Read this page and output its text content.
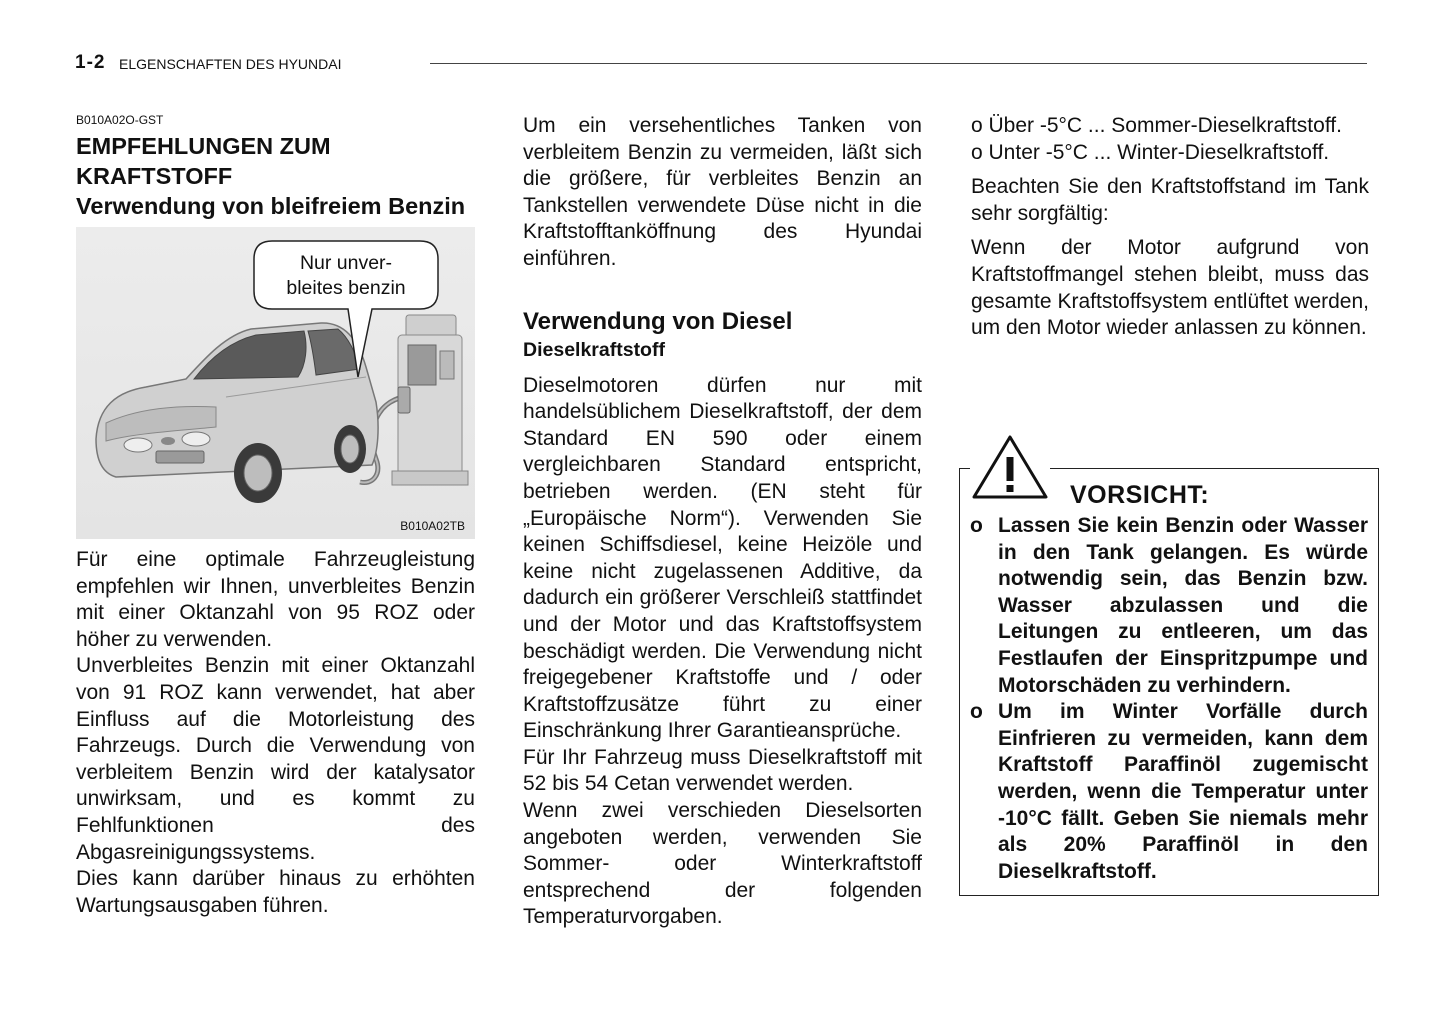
1-2 ELGENSCHAFTEN DES HYUNDAI
B010A02O-GST
EMPFEHLUNGEN ZUM
KRAFTSTOFF
Verwendung von bleifreiem Benzin
Nur unver-
bleites benzin
B010A02TB

Für eine optimale Fahrzeugleistung empfehlen wir Ihnen, unverbleites Benzin mit einer Oktanzahl von 95 ROZ oder höher zu verwenden.

Unverbleites Benzin mit einer Oktanzahl von 91 ROZ kann verwendet, hat aber Einfluss auf die Motorleistung des Fahrzeugs. Durch die Verwendung von verbleitem Benzin wird der katalysator unwirksam, und es kommt zu Fehlfunktionen des Abgasreinigungssystems.

Dies kann darüber hinaus zu erhöhten Wartungsausgaben führen.

Um ein versehentliches Tanken von verbleitem Benzin zu vermeiden, läßt sich die größere, für verbleites Benzin an Tankstellen verwendete Düse nicht in die Kraftstofftanköffnung des Hyundai einführen.

Verwendung von Diesel
Dieselkraftstoff

Dieselmotoren dürfen nur mit handelsüblichem Dieselkraftstoff, der dem Standard EN 590 oder einem vergleichbaren Standard entspricht, betrieben werden. (EN steht für „Europäische Norm“). Verwenden Sie keinen Schiffsdiesel, keine Heizöle und keine nicht zugelassenen Additive, da dadurch ein größerer Verschleiß stattfindet und der Motor und das Kraftstoffsystem beschädigt werden. Die Verwendung nicht freigegebener Kraftstoffe und / oder Kraftstoffzusätze führt zu einer Einschränkung Ihrer Garantieansprüche.

Für Ihr Fahrzeug muss Dieselkraftstoff mit 52 bis 54 Cetan verwendet werden.

Wenn zwei verschieden Dieselsorten angeboten werden, verwenden Sie Sommer- oder Winterkraftstoff entsprechend der folgenden Temperaturvorgaben.

o Über -5°C ... Sommer-Dieselkraftstoff.

o Unter -5°C ... Winter-Dieselkraftstoff.

Beachten Sie den Kraftstoffstand im Tank sehr sorgfältig:

Wenn der Motor aufgrund von Kraftstoffmangel stehen bleibt, muss das gesamte Kraftstoffsystem entlüftet werden, um den Motor wieder anlassen zu können.

VORSICHT:
o Lassen Sie kein Benzin oder Wasser in den Tank gelangen. Es würde notwendig sein, das Benzin bzw. Wasser abzulassen und die Leitungen zu entleeren, um das Festlaufen der Einspritzpumpe und Motorschäden zu verhindern.

o Um im Winter Vorfälle durch Einfrieren zu vermeiden, kann dem Kraftstoff Paraffinöl zugemischt werden, wenn die Temperatur unter -10°C fällt. Geben Sie niemals mehr als 20% Paraffinöl in den Dieselkraftstoff.
